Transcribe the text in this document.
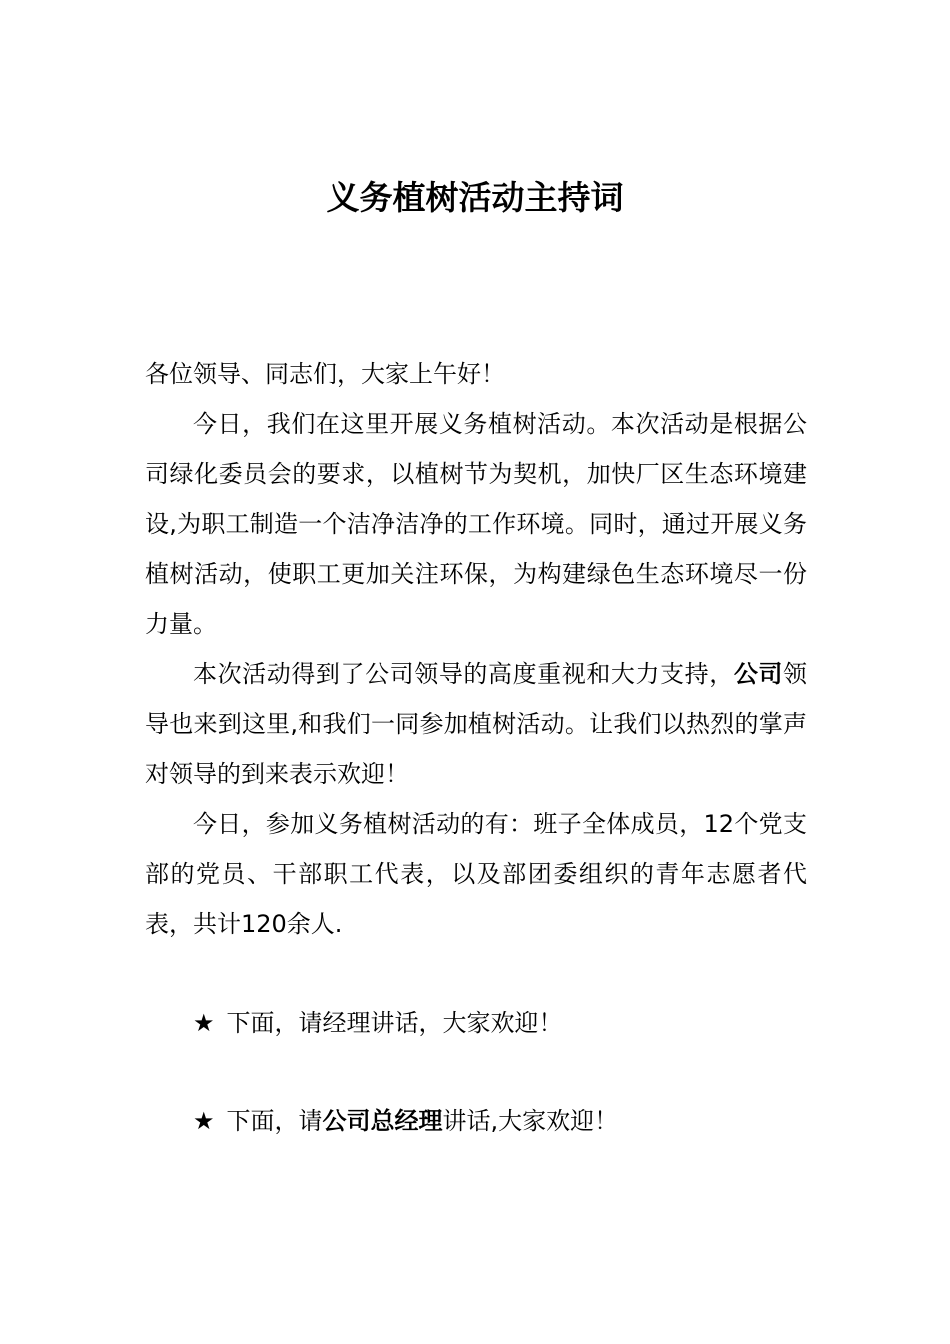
义务植树活动主持词

各位领导、同志们，大家上午好！

今日，我们在这里开展义务植树活动。本次活动是根据公司绿化委员会的要求，以植树节为契机，加快厂区生态环境建设,为职工制造一个洁净洁净的工作环境。同时，通过开展义务植树活动，使职工更加关注环保，为构建绿色生态环境尽一份力量。

本次活动得到了公司领导的高度重视和大力支持，公司领导也来到这里,和我们一同参加植树活动。让我们以热烈的掌声对领导的到来表示欢迎！

今日，参加义务植树活动的有：班子全体成员，12个党支部的党员、干部职工代表，以及部团委组织的青年志愿者代表，共计120余人.

★ 下面，请经理讲话，大家欢迎！

★ 下面，请公司总经理讲话,大家欢迎！
